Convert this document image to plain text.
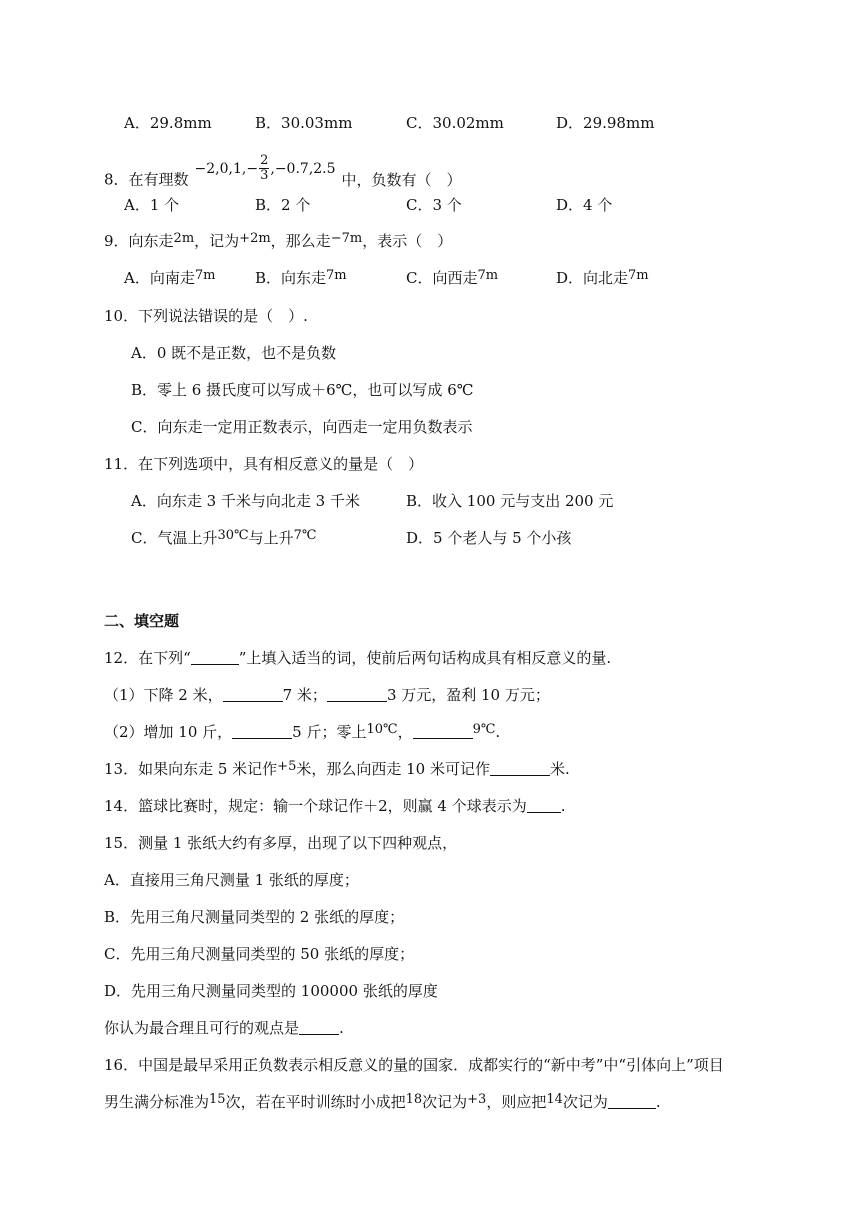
A．29.8mm	B．30.03mm	C．30.02mm	D．29.98mm
8．在有理数$-2,0,1,- \frac{2}{3} ,-0.7,2.5$中，负数有（　）
A．1 个	B．2 个	C．3 个	D．4 个
9．向东走2m，记为+2m，那么走−7m，表示（　）
A．向南走7m	B．向东走7m	C．向西走7m	D．向北走7m
10．下列说法错误的是（　）.
A．0 既不是正数，也不是负数
B．零上 6 摄氏度可以写成＋6℃，也可以写成 6℃
C．向东走一定用正数表示，向西走一定用负数表示
11．在下列选项中，具有相反意义的量是（　）
A．向东走 3 千米与向北走 3 千米	B．收入 100 元与支出 200 元
C．气温上升30℃与上升7℃	D．5 个老人与 5 个小孩
二、填空题
12．在下列“	”上填入适当的词，使前后两句话构成具有相反意义的量.
（1）下降 2 米，	7 米；	3 万元，盈利 10 万元；
（2）增加 10 斤，	5 斤；零上10℃，	9℃.
13．如果向东走 5 米记作+5米，那么向西走 10 米可记作	米.
14．篮球比赛时，规定：输一个球记作＋2，则赢 4 个球表示为 .
15．测量 1 张纸大约有多厚，出现了以下四种观点，
A．直接用三角尺测量 1 张纸的厚度；
B．先用三角尺测量同类型的 2 张纸的厚度；
C．先用三角尺测量同类型的 50 张纸的厚度；
D．先用三角尺测量同类型的 100000 张纸的厚度
你认为最合理且可行的观点是	.
16．中国是最早采用正负数表示相反意义的量的国家．成都实行的“新中考”中“引体向上”项目
男生满分标准为15次，若在平时训练时小成把18次记为+3，则应把14次记为	.
